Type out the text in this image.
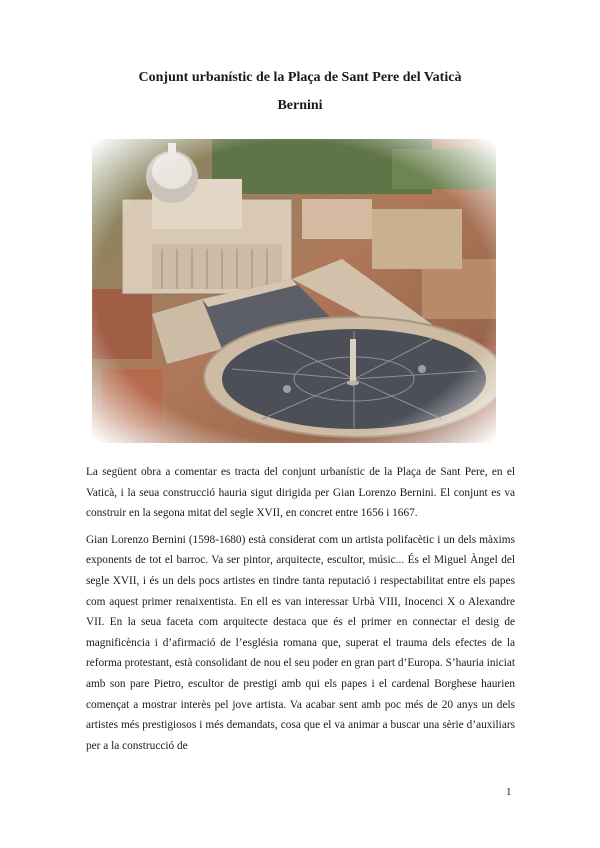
Conjunt urbanístic de la Plaça de Sant Pere del Vaticà
Bernini

La següent obra a comentar es tracta del conjunt urbanístic de la Plaça de Sant Pere, en el Vaticà, i la seua construcció hauria sigut dirigida per Gian Lorenzo Bernini. El conjunt es va construir en la segona mitat del segle XVII, en concret entre 1656 i 1667.

Gian Lorenzo Bernini (1598-1680) està considerat com un artista polifacètic i un dels màxims exponents de tot el barroc. Va ser pintor, arquitecte, escultor, músic... És el Miguel Àngel del segle XVII, i és un dels pocs artistes en tindre tanta reputació i respectabilitat entre els papes com aquest primer renaixentista. En ell es van interessar Urbà VIII, Inocenci X o Alexandre VII. En la seua faceta com arquitecte destaca que és el primer en connectar el desig de magnificència i d’afirmació de l’església romana que, superat el trauma dels efectes de la reforma protestant, està consolidant de nou el seu poder en gran part d’Europa. S’hauria iniciat amb son pare Pietro, escultor de prestigi amb qui els papes i el cardenal Borghese haurien començat a mostrar interès pel jove artista. Va acabar sent amb poc més de 20 anys un dels artistes més prestigiosos i més demandats, cosa que el va animar a buscar una sèrie d’auxiliars per a la construcció de

1
